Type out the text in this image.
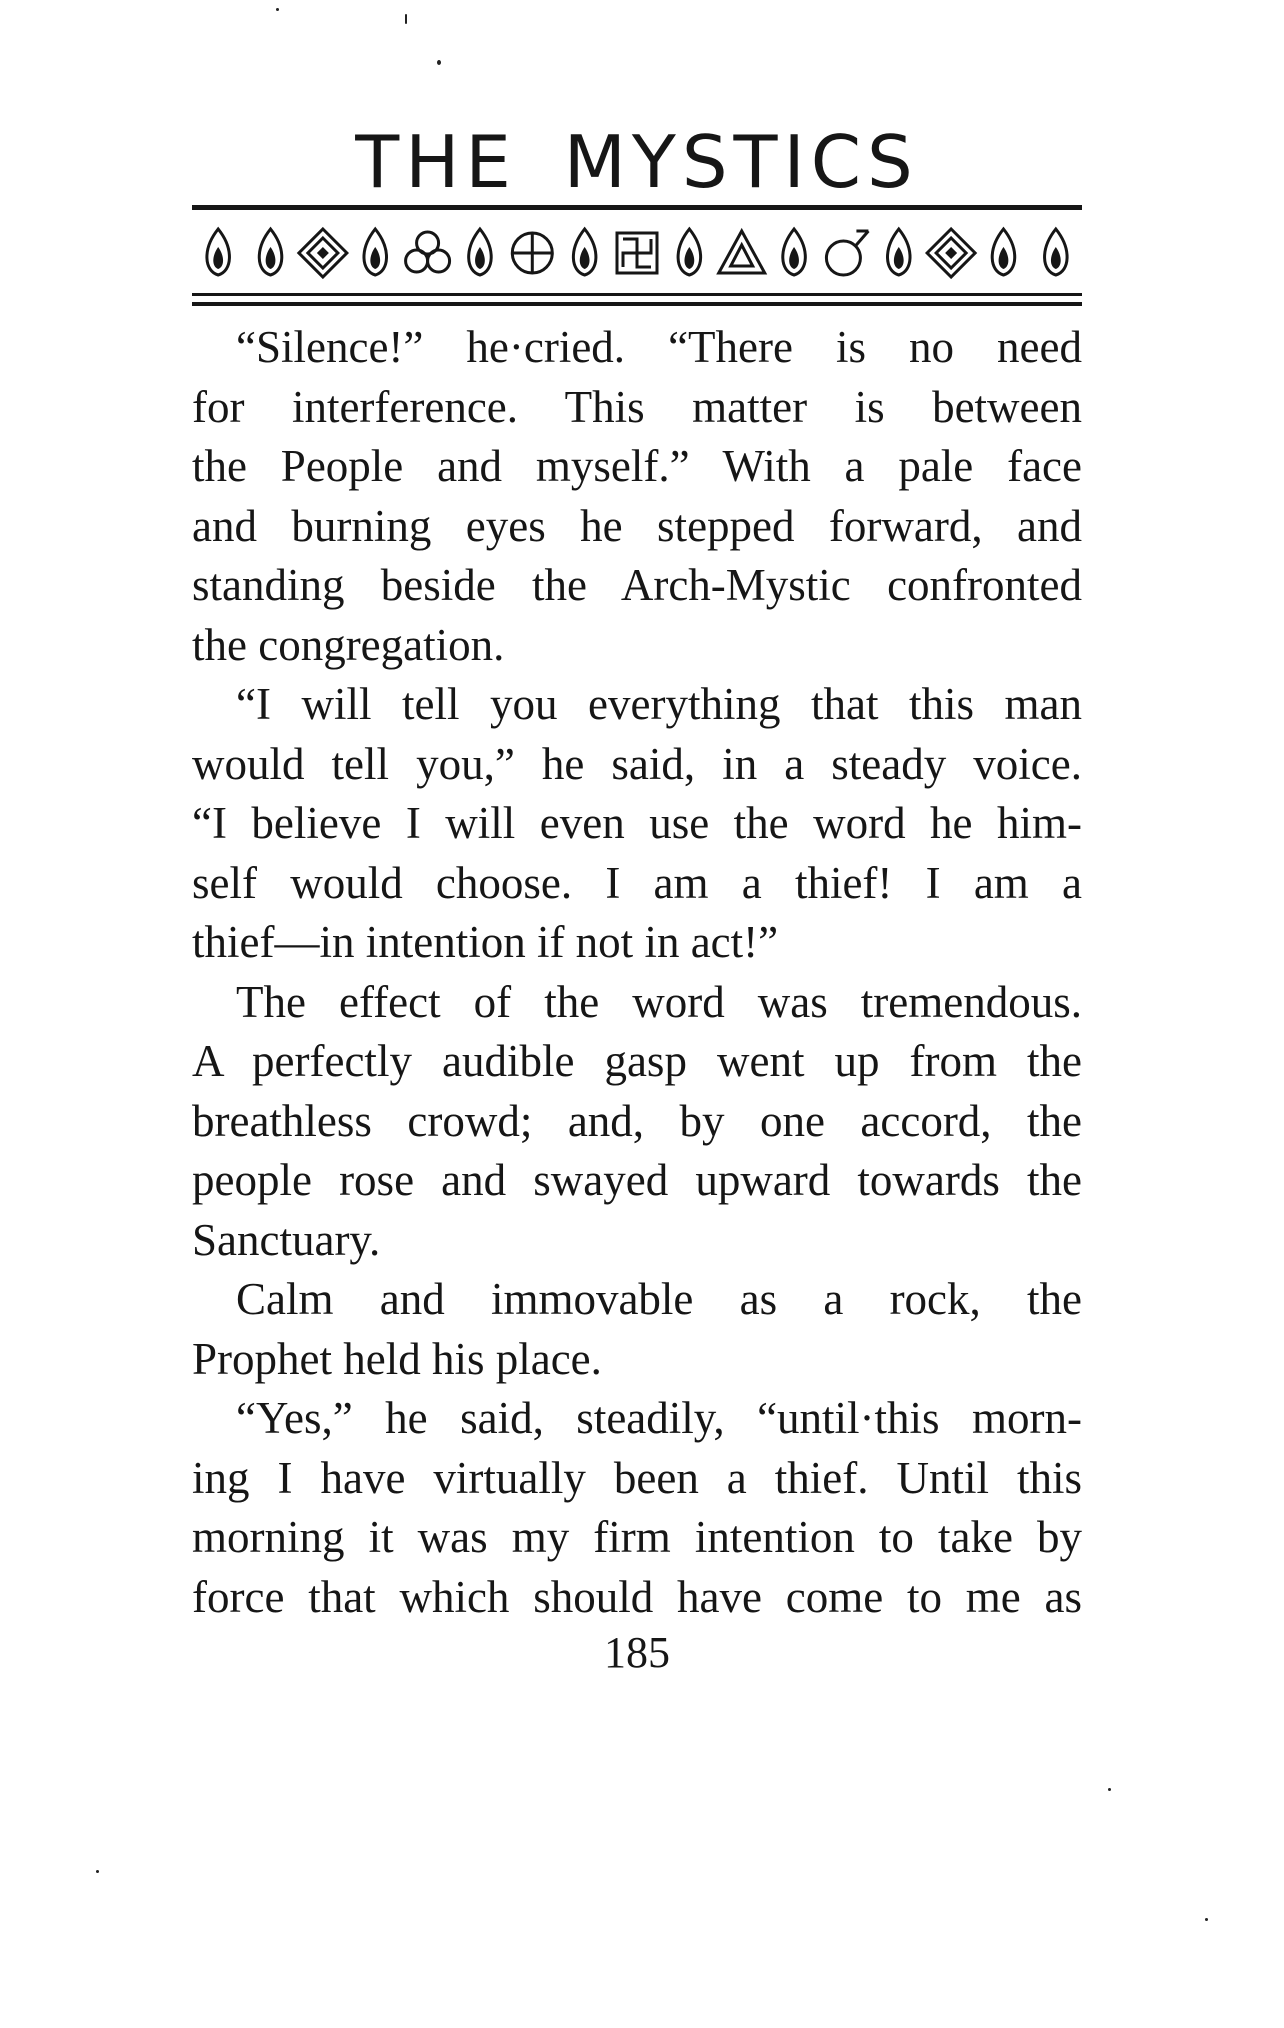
THE MYSTICS
“Silence!” he·cried. “There is no need
for interference. This matter is between
the People and myself.” With a pale face
and burning eyes he stepped forward, and
standing beside the Arch-Mystic confronted
the congregation.
“I will tell you everything that this man
would tell you,” he said, in a steady voice.
“I believe I will even use the word he him-
self would choose. I am a thief! I am a
thief—in intention if not in act!”
The effect of the word was tremendous.
A perfectly audible gasp went up from the
breathless crowd; and, by one accord, the
people rose and swayed upward towards the
Sanctuary.
Calm and immovable as a rock, the
Prophet held his place.
“Yes,” he said, steadily, “until·this morn-
ing I have virtually been a thief. Until this
morning it was my firm intention to take by
force that which should have come to me as
185
